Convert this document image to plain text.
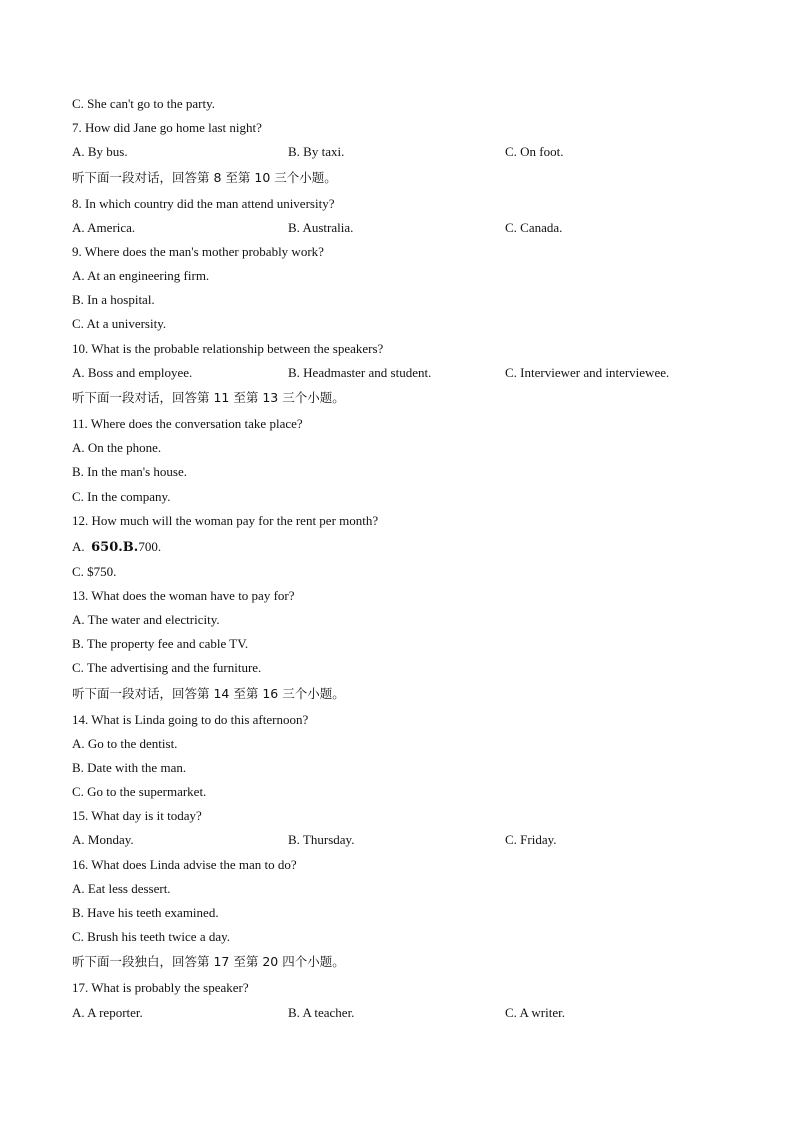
C. She can't go to the party.
7. How did Jane go home last night?
A. By bus.	B. By taxi.	C. On foot.
听下面一段对话，回答第 8 至第 10 三个小题。
8. In which country did the man attend university?
A. America.	B. Australia.	C. Canada.
9. Where does the man's mother probably work?
A. At an engineering firm.
B. In a hospital.
C. At a university.
10. What is the probable relationship between the speakers?
A. Boss and employee.	B. Headmaster and student.	C. Interviewer and interviewee.
听下面一段对话，回答第 11 至第 13 三个小题。
11. Where does the conversation take place?
A. On the phone.
B. In the man's house.
C. In the company.
12. How much will the woman pay for the rent per month?
A.  650.B.700.
C. $750.
13. What does the woman have to pay for?
A. The water and electricity.
B. The property fee and cable TV.
C. The advertising and the furniture.
听下面一段对话，回答第 14 至第 16 三个小题。
14. What is Linda going to do this afternoon?
A. Go to the dentist.
B. Date with the man.
C. Go to the supermarket.
15. What day is it today?
A. Monday.	B. Thursday.	C. Friday.
16. What does Linda advise the man to do?
A. Eat less dessert.
B. Have his teeth examined.
C. Brush his teeth twice a day.
听下面一段独白，回答第 17 至第 20 四个小题。
17. What is probably the speaker?
A. A reporter.	B. A teacher.	C. A writer.
